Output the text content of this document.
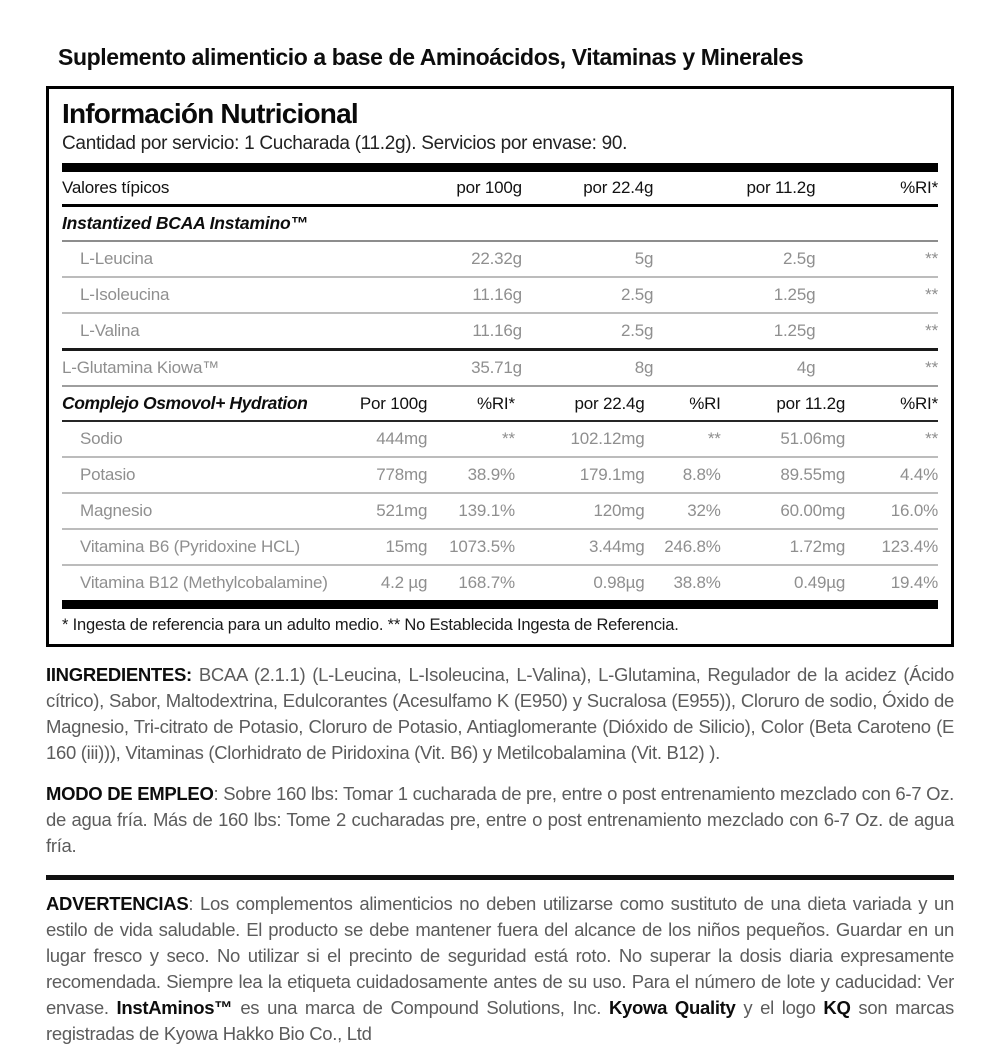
Suplemento alimenticio a base de Aminoácidos, Vitaminas y Minerales
Información Nutricional
Cantidad por servicio: 1 Cucharada (11.2g). Servicios por envase: 90.
Valores típicos	por 100g	por 22.4g	por 11.2g	%RI*
Instantized BCAA Instamino™				
L-Leucina	22.32g	5g	2.5g	**
L-Isoleucina	11.16g	2.5g	1.25g	**
L-Valina	11.16g	2.5g	1.25g	**
L-Glutamina Kiowa™	35.71g	8g	4g	**
Complejo Osmovol+ Hydration	Por 100g	%RI*	por 22.4g	%RI	por 11.2g	%RI*
Sodio	444mg	**	102.12mg	**	51.06mg	**
Potasio	778mg	38.9%	179.1mg	8.8%	89.55mg	4.4%
Magnesio	521mg	139.1%	120mg	32%	60.00mg	16.0%
Vitamina B6 (Pyridoxine HCL)	15mg	1073.5%	3.44mg	246.8%	1.72mg	123.4%
Vitamina B12 (Methylcobalamine)	4.2 µg	168.7%	0.98µg	38.8%	0.49µg	19.4%
* Ingesta de referencia para un adulto medio. ** No Establecida Ingesta de Referencia.

IINGREDIENTES: BCAA (2.1.1) (L-Leucina, L-Isoleucina, L-Valina), L-Glutamina, Regulador de la acidez (Ácido cítrico), Sabor, Maltodextrina, Edulcorantes (Acesulfamo K (E950) y Sucralosa (E955)), Cloruro de sodio, Óxido de Magnesio, Tri-citrato de Potasio, Cloruro de Potasio, Antiaglomerante (Dióxido de Silicio), Color (Beta Caroteno (E 160 (iii))), Vitaminas (Clorhidrato de Piridoxina (Vit. B6) y Metilcobalamina (Vit. B12) ).

MODO DE EMPLEO: Sobre 160 lbs: Tomar 1 cucharada de pre, entre o post entrenamiento mezclado con 6-7 Oz. de agua fría. Más de 160 lbs: Tome 2 cucharadas pre, entre o post entrenamiento mezclado con 6-7 Oz. de agua fría.

ADVERTENCIAS: Los complementos alimenticios no deben utilizarse como sustituto de una dieta variada y un estilo de vida saludable. El producto se debe mantener fuera del alcance de los niños pequeños. Guardar en un lugar fresco y seco. No utilizar si el precinto de seguridad está roto. No superar la dosis diaria expresamente recomendada. Siempre lea la etiqueta cuidadosamente antes de su uso. Para el número de lote y caducidad: Ver envase. InstAminos™ es una marca de Compound Solutions, Inc. Kyowa Quality y el logo KQ son marcas registradas de Kyowa Hakko Bio Co., Ltd
